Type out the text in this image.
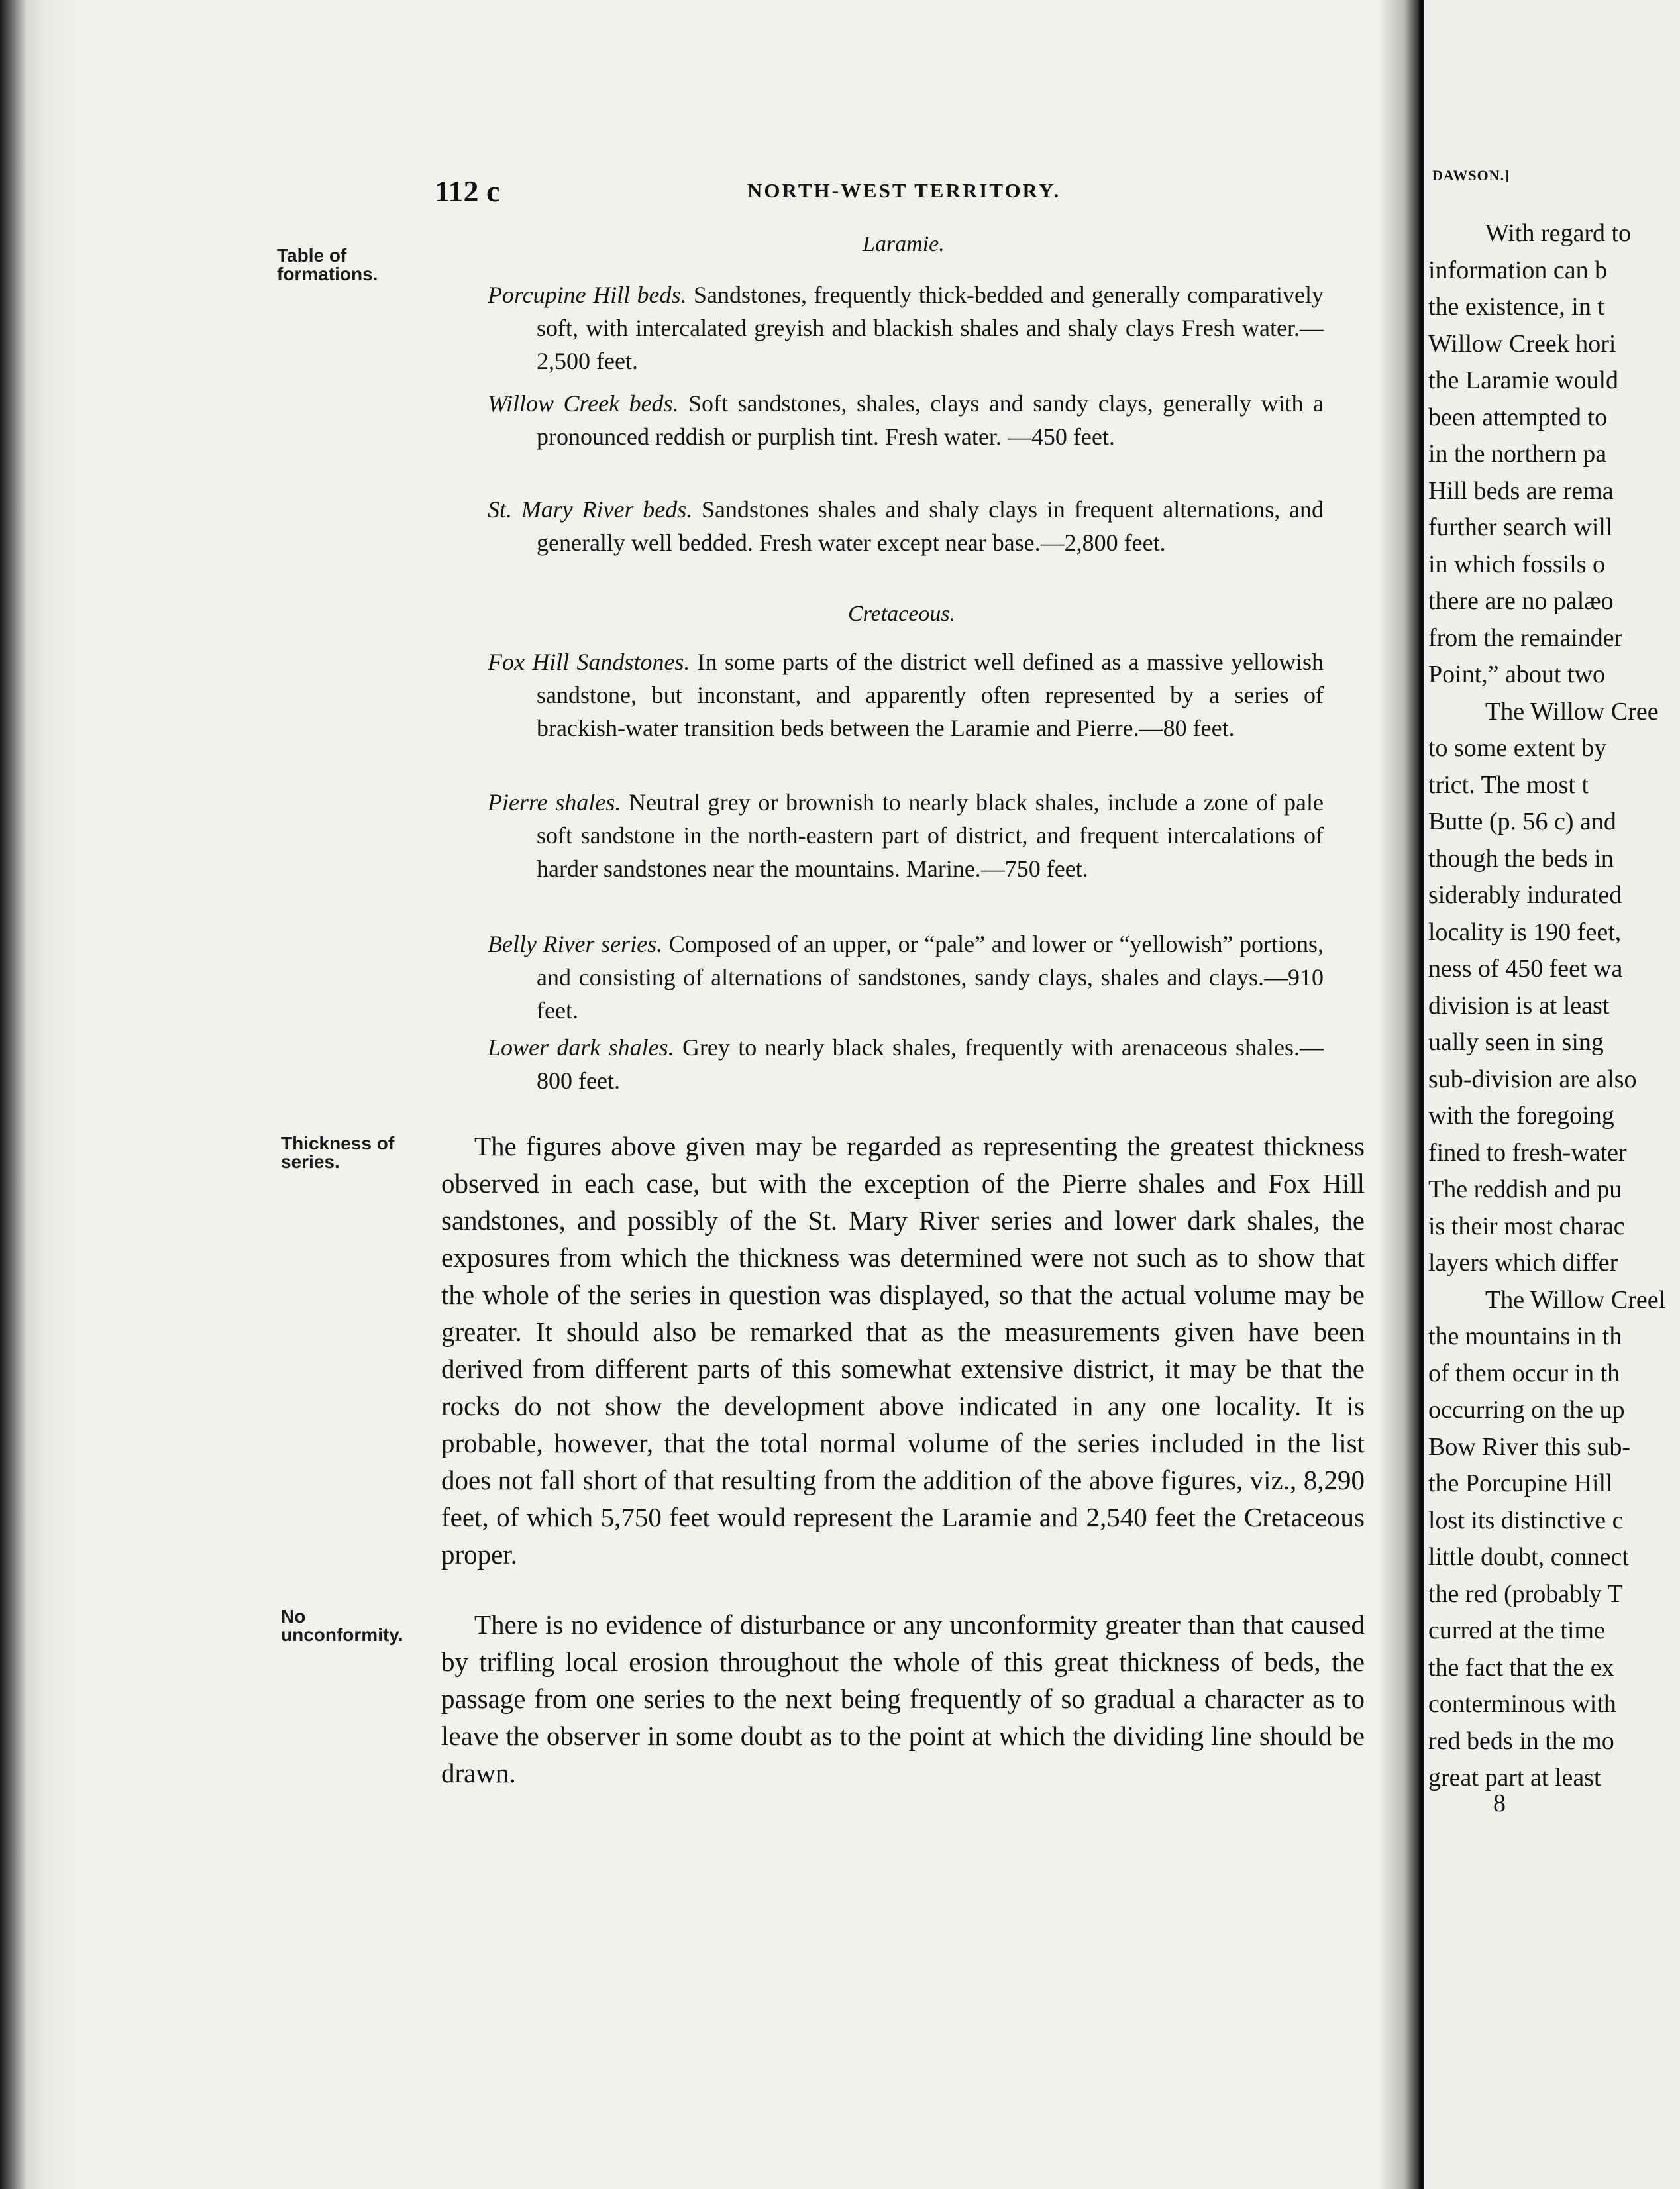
112 c	NORTH-WEST TERRITORY.
Table of
formations.
Thickness of
series.
No
unconformity.
Laramie.
Cretaceous.
Porcupine Hill beds. Sandstones, frequently thick-bedded and generally comparatively soft, with intercalated greyish and blackish shales and shaly clays Fresh water.—2,500 feet.
Willow Creek beds. Soft sandstones, shales, clays and sandy clays, generally with a pronounced reddish or purplish tint. Fresh water. —450 feet.
St. Mary River beds. Sandstones shales and shaly clays in frequent alternations, and generally well bedded. Fresh water except near base.—2,800 feet.
Fox Hill Sandstones. In some parts of the district well defined as a massive yellowish sandstone, but inconstant, and apparently often represented by a series of brackish-water transition beds between the Laramie and Pierre.—80 feet.
Pierre shales. Neutral grey or brownish to nearly black shales, include a zone of pale soft sandstone in the north-eastern part of district, and frequent intercalations of harder sandstones near the mountains. Marine.—750 feet.
Belly River series. Composed of an upper, or “pale” and lower or “yellowish” portions, and consisting of alternations of sandstones, sandy clays, shales and clays.—910 feet.
Lower dark shales. Grey to nearly black shales, frequently with arenaceous shales.—800 feet.
The figures above given may be regarded as representing the greatest thickness observed in each case, but with the exception of the Pierre shales and Fox Hill sandstones, and possibly of the St. Mary River series and lower dark shales, the exposures from which the thickness was determined were not such as to show that the whole of the series in question was displayed, so that the actual volume may be greater. It should also be remarked that as the measurements given have been derived from different parts of this somewhat extensive district, it may be that the rocks do not show the development above indicated in any one locality. It is probable, however, that the total normal volume of the series included in the list does not fall short of that resulting from the addition of the above figures, viz., 8,290 feet, of which 5,750 feet would represent the Laramie and 2,540 feet the Cretaceous proper.
There is no evidence of disturbance or any unconformity greater than that caused by trifling local erosion throughout the whole of this great thickness of beds, the passage from one series to the next being frequently of so gradual a character as to leave the observer in some doubt as to the point at which the dividing line should be drawn.
DAWSON.]
With regard to
information can b
the existence, in t
Willow Creek hori
the Laramie would
been attempted to
in the northern pa
Hill beds are rema
further search will
in which fossils o
there are no palæo
from the remainder
Point,” about two
The Willow Cree
to some extent by
trict. The most t
Butte (p. 56 c) and
though the beds in
siderably indurated
locality is 190 feet,
ness of 450 feet wa
division is at least
ually seen in sing
sub-division are also
with the foregoing
fined to fresh-water
The reddish and pu
is their most charac
layers which differ
The Willow Creel
the mountains in th
of them occur in th
occurring on the up
Bow River this sub-
the Porcupine Hill
lost its distinctive c
little doubt, connect
the red (probably T
curred at the time
the fact that the ex
conterminous with
red beds in the mo
great part at least
8
